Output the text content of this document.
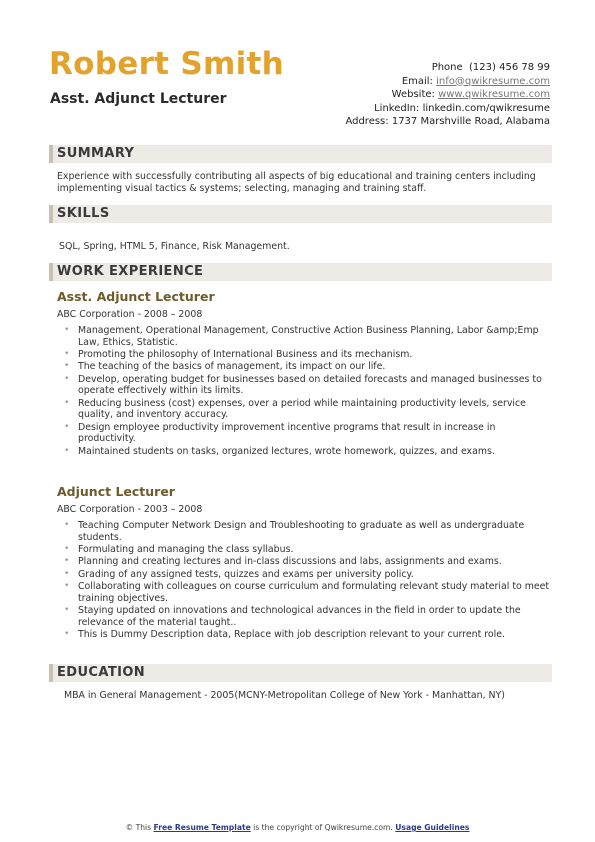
Robert Smith
Asst. Adjunct Lecturer
Phone (123) 456 78 99
Email: info@qwikresume.com
Website: www.qwikresume.com
LinkedIn: linkedin.com/qwikresume
Address: 1737 Marshville Road, Alabama
SUMMARY
Experience with successfully contributing all aspects of big educational and training centers including implementing visual tactics & systems; selecting, managing and training staff.
SKILLS
SQL, Spring, HTML 5, Finance, Risk Management.
WORK EXPERIENCE
Asst. Adjunct Lecturer
ABC Corporation - 2008 – 2008
• Management, Operational Management, Constructive Action Business Planning, Labor &amp;Emp Law, Ethics, Statistic.
• Promoting the philosophy of International Business and its mechanism.
• The teaching of the basics of management, its impact on our life.
• Develop, operating budget for businesses based on detailed forecasts and managed businesses to operate effectively within its limits.
• Reducing business (cost) expenses, over a period while maintaining productivity levels, service quality, and inventory accuracy.
• Design employee productivity improvement incentive programs that result in increase in productivity.
• Maintained students on tasks, organized lectures, wrote homework, quizzes, and exams.
Adjunct Lecturer
ABC Corporation - 2003 – 2008
• Teaching Computer Network Design and Troubleshooting to graduate as well as undergraduate students.
• Formulating and managing the class syllabus.
• Planning and creating lectures and in-class discussions and labs, assignments and exams.
• Grading of any assigned tests, quizzes and exams per university policy.
• Collaborating with colleagues on course curriculum and formulating relevant study material to meet training objectives.
• Staying updated on innovations and technological advances in the field in order to update the relevance of the material taught..
• This is Dummy Description data, Replace with job description relevant to your current role.
EDUCATION
MBA in General Management - 2005(MCNY-Metropolitan College of New York - Manhattan, NY)
© This Free Resume Template is the copyright of Qwikresume.com. Usage Guidelines
